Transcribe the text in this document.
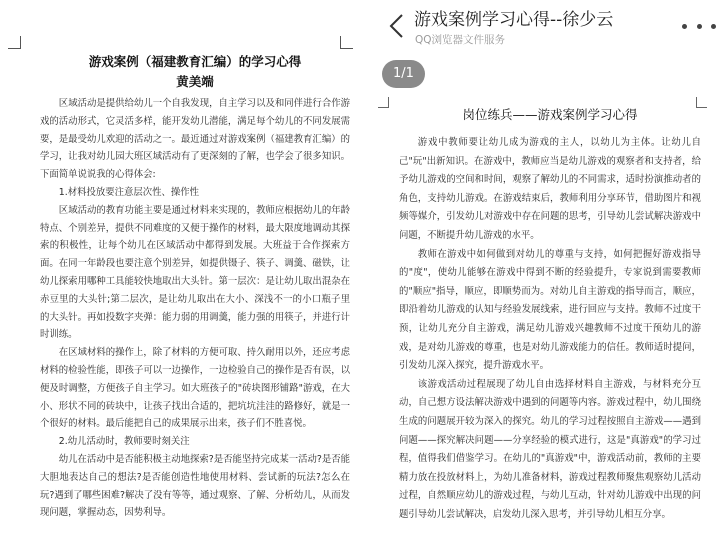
游戏案例（福建教育汇编）的学习心得
黄美端

区域活动是提供给幼儿一个自我发现，自主学习以及和同伴进行合作游戏的活动形式，它灵活多样，能开发幼儿潜能，满足每个幼儿的不同发展需要，是最受幼儿欢迎的活动之一。最近通过对游戏案例（福建教育汇编）的学习，让我对幼儿园大班区域活动有了更深刻的了解，也学会了很多知识。下面简单说说我的心得体会:

1.材料投放要注意层次性、操作性

区域活动的教育功能主要是通过材料来实现的，教师应根据幼儿的年龄特点、个别差异，提供不同难度的又便于操作的材料，最大限度地调动其探索的积极性，让每个幼儿在区域活动中都得到发展。大班益于合作探索方面。在同一年龄段也要注意个别差异，如提供镊子、筷子、调羹、磁铁，让幼儿探索用哪种工具能较快地取出大头针。第一层次：是让幼儿取出混杂在赤豆里的大头针;第二层次，是让幼儿取出在大小、深浅不一的小口瓶子里的大头针。再如投数字夹弹：能力弱的用调羹，能力强的用筷子，并进行计时训练。

在区域材料的操作上，除了材料的方便可取、持久耐用以外，还应考虑材料的检验性能，即孩子可以一边操作，一边检验自己的操作是否有误，以便及时调整，方便孩子自主学习。如大班孩子的"砖块图形铺路"游戏，在大小、形状不同的砖块中，让孩子找出合适的，把坑坑洼洼的路修好，就是一个很好的材料。最后能把自己的成果展示出来，孩子们不胜喜悦。

2.幼儿活动时，教师要时刻关注

幼儿在活动中是否能积极主动地探索?是否能坚持完成某一活动?是否能大胆地表达自己的想法?是否能创造性地使用材料、尝试新的玩法?怎么在玩?遇到了哪些困难?解决了没有等等，通过观察、了解、分析幼儿，从而发现问题，掌握动态，因势利导。

游戏案例学习心得--徐少云
QQ浏览器文件服务
1/1
岗位练兵——游戏案例学习心得

游戏中教师要让幼儿成为游戏的主人，以幼儿为主体。让幼儿自己"玩"出新知识。在游戏中，教师应当是幼儿游戏的观察者和支持者，给予幼儿游戏的空间和时间，观察了解幼儿的不同需求，适时扮演推动者的角色，支持幼儿游戏。在游戏结束后，教师利用分享环节，借助图片和视频等媒介，引发幼儿对游戏中存在问题的思考，引导幼儿尝试解决游戏中问题，不断提升幼儿游戏的水平。

教师在游戏中如何做到对幼儿的尊重与支持，如何把握好游戏指导的"度"，使幼儿能够在游戏中得到不断的经验提升，专家说到需要教师的"顺应"指导，顺应，即顺势而为。对幼儿自主游戏的指导而言，顺应，即沿着幼儿游戏的认知与经验发展线索，进行回应与支持。教师不过度干预，让幼儿充分自主游戏，满足幼儿游戏兴趣教师不过度干预幼儿的游戏，是对幼儿游戏的尊重，也是对幼儿游戏能力的信任。教师适时提问，引发幼儿深入探究，提升游戏水平。

该游戏活动过程展现了幼儿自由选择材料自主游戏，与材料充分互动，自己想方设法解决游戏中遇到的问题等内容。游戏过程中，幼儿围绕生成的问题展开较为深入的探究。幼儿的学习过程按照自主游戏——遇到问题——探究解决问题——分享经验的模式进行，这是"真游戏"的学习过程，值得我们借鉴学习。在幼儿的"真游戏"中，游戏活动前，教师的主要精力放在投放材料上，为幼儿准备材料，游戏过程教师聚焦观察幼儿活动过程，自然顺应幼儿的游戏过程，与幼儿互动，针对幼儿游戏中出现的问题引导幼儿尝试解决，启发幼儿深入思考，并引导幼儿相互分享。
